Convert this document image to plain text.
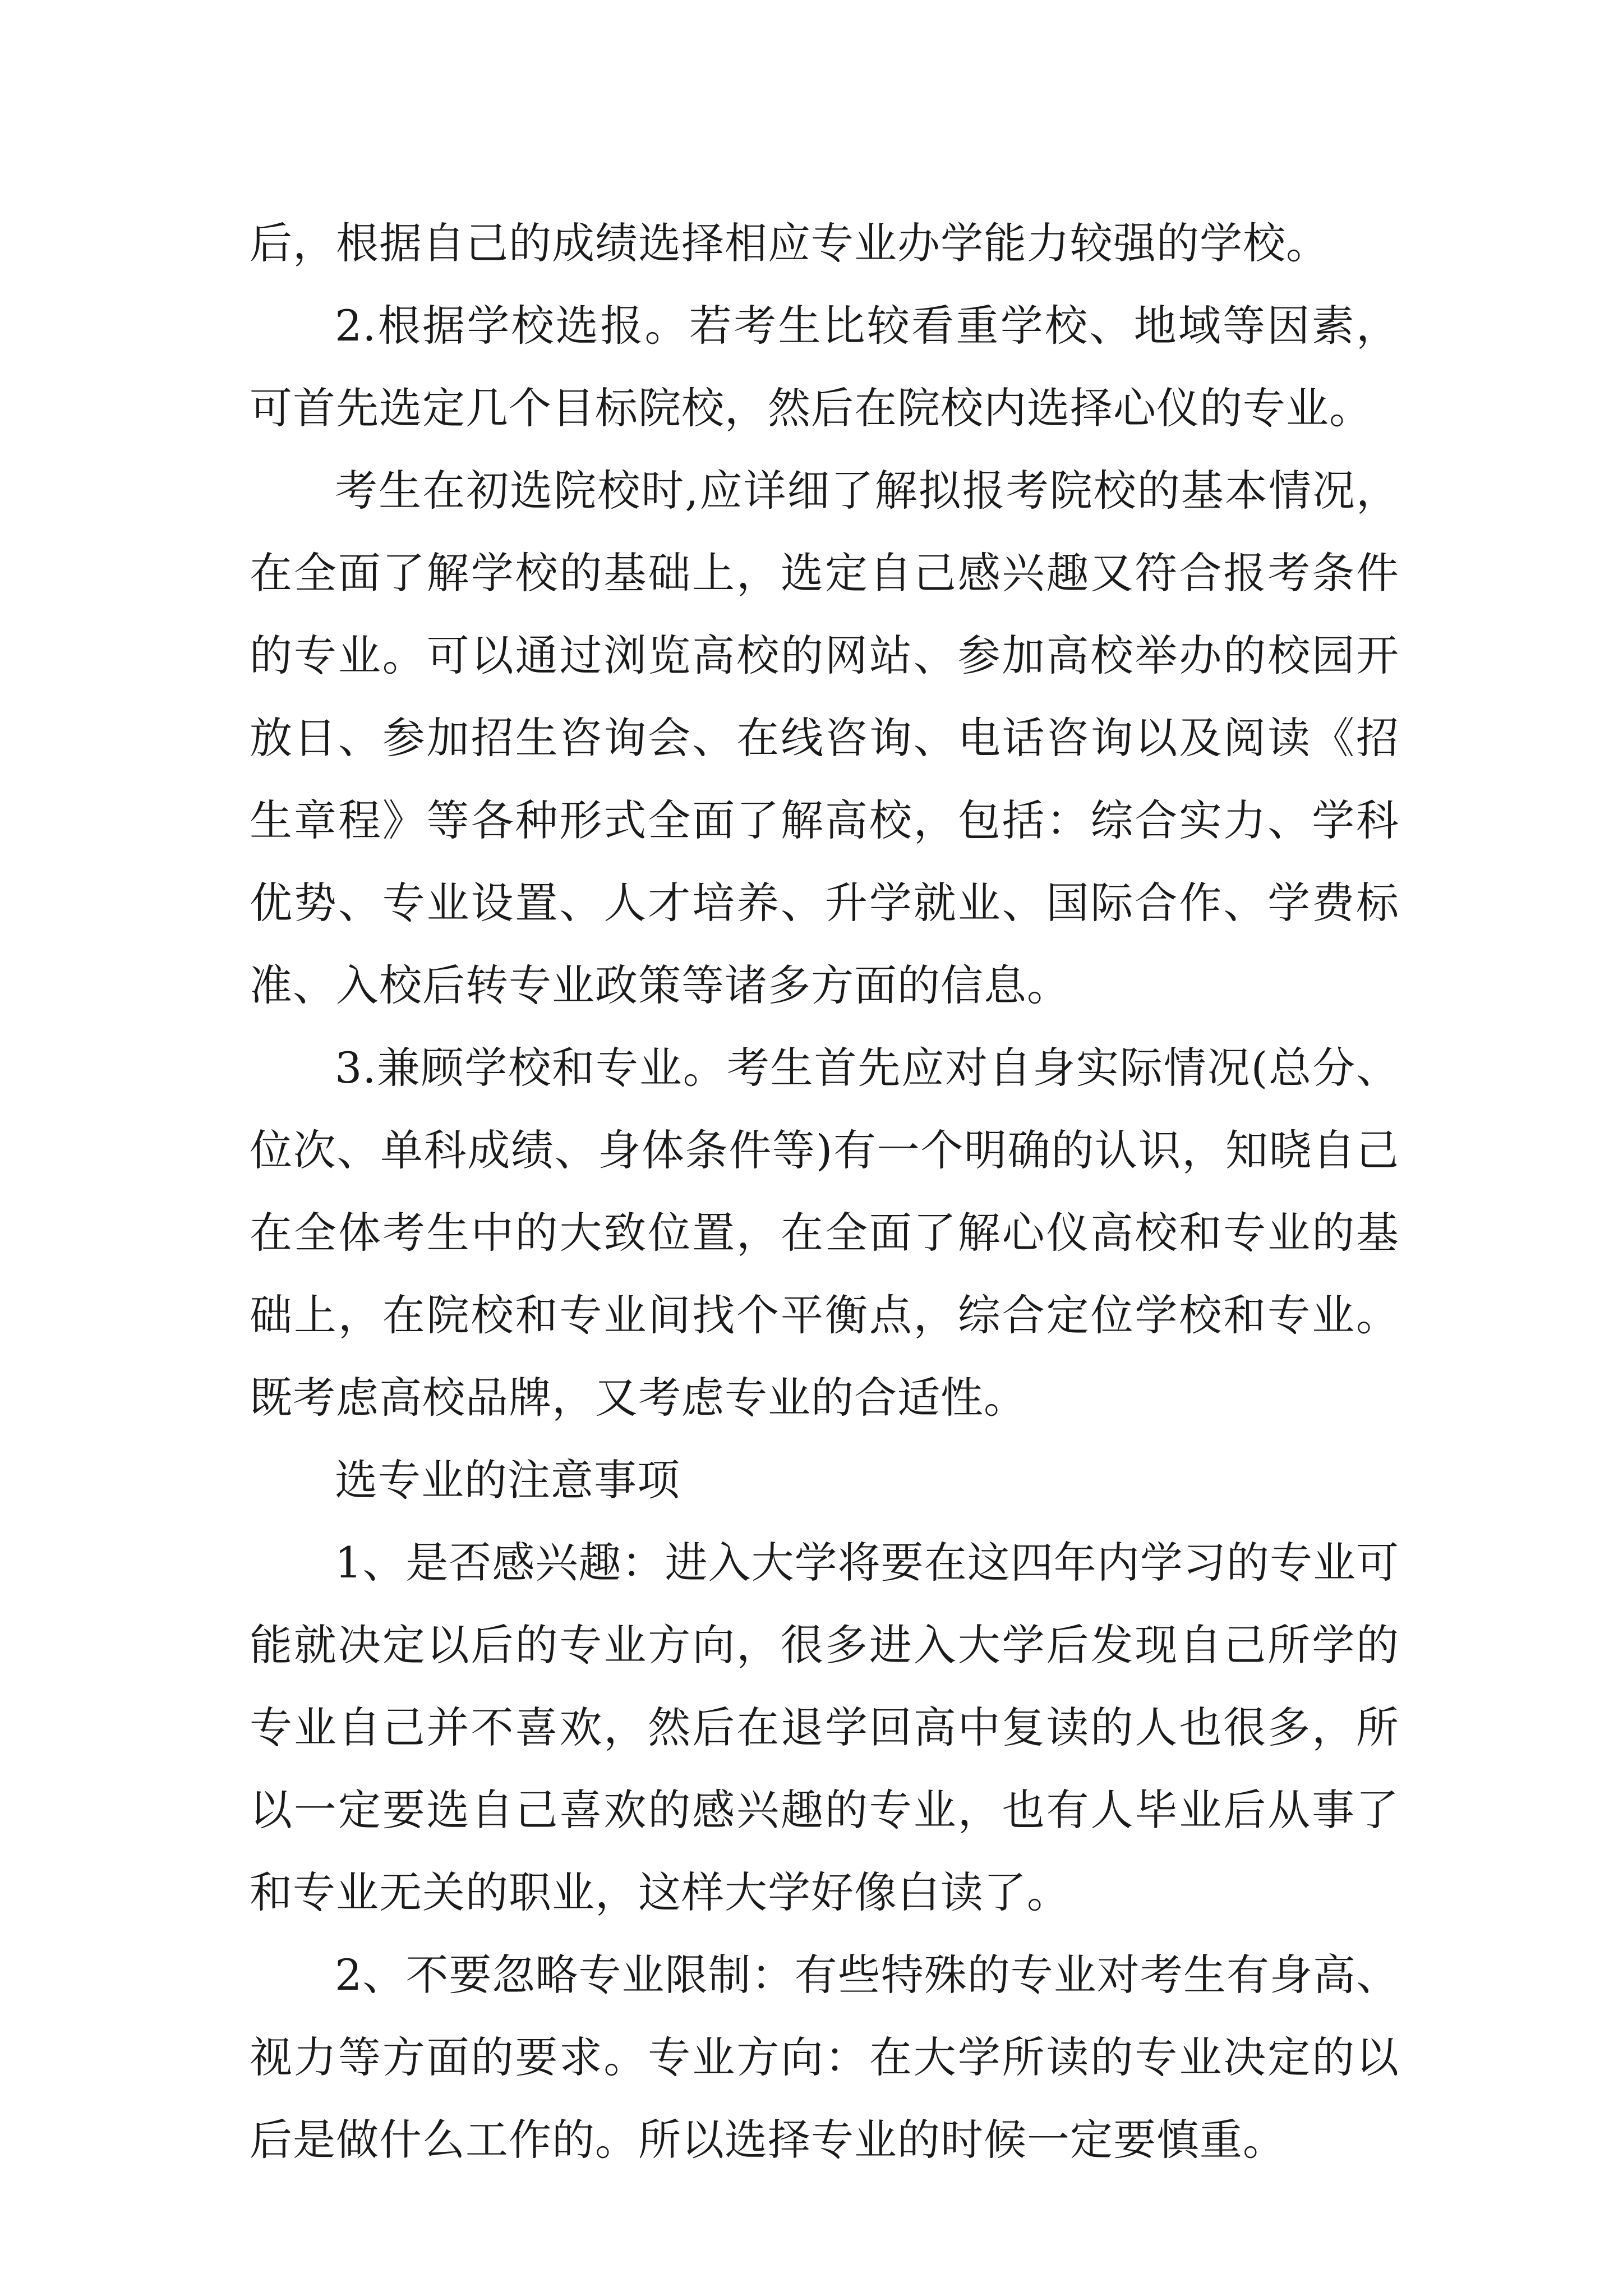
后，根据自己的成绩选择相应专业办学能力较强的学校。

2.根据学校选报。若考生比较看重学校、地域等因素，可首先选定几个目标院校，然后在院校内选择心仪的专业。

考生在初选院校时,应详细了解拟报考院校的基本情况，在全面了解学校的基础上，选定自己感兴趣又符合报考条件的专业。可以通过浏览高校的网站、参加高校举办的校园开放日、参加招生咨询会、在线咨询、电话咨询以及阅读《招生章程》等各种形式全面了解高校，包括：综合实力、学科优势、专业设置、人才培养、升学就业、国际合作、学费标准、入校后转专业政策等诸多方面的信息。

3.兼顾学校和专业。考生首先应对自身实际情况(总分、位次、单科成绩、身体条件等)有一个明确的认识，知晓自己在全体考生中的大致位置，在全面了解心仪高校和专业的基础上，在院校和专业间找个平衡点，综合定位学校和专业。既考虑高校品牌，又考虑专业的合适性。

选专业的注意事项

1、是否感兴趣：进入大学将要在这四年内学习的专业可能就决定以后的专业方向，很多进入大学后发现自己所学的专业自己并不喜欢，然后在退学回高中复读的人也很多，所以一定要选自己喜欢的感兴趣的专业，也有人毕业后从事了和专业无关的职业，这样大学好像白读了。

2、不要忽略专业限制：有些特殊的专业对考生有身高、视力等方面的要求。专业方向：在大学所读的专业决定的以后是做什么工作的。所以选择专业的时候一定要慎重。
